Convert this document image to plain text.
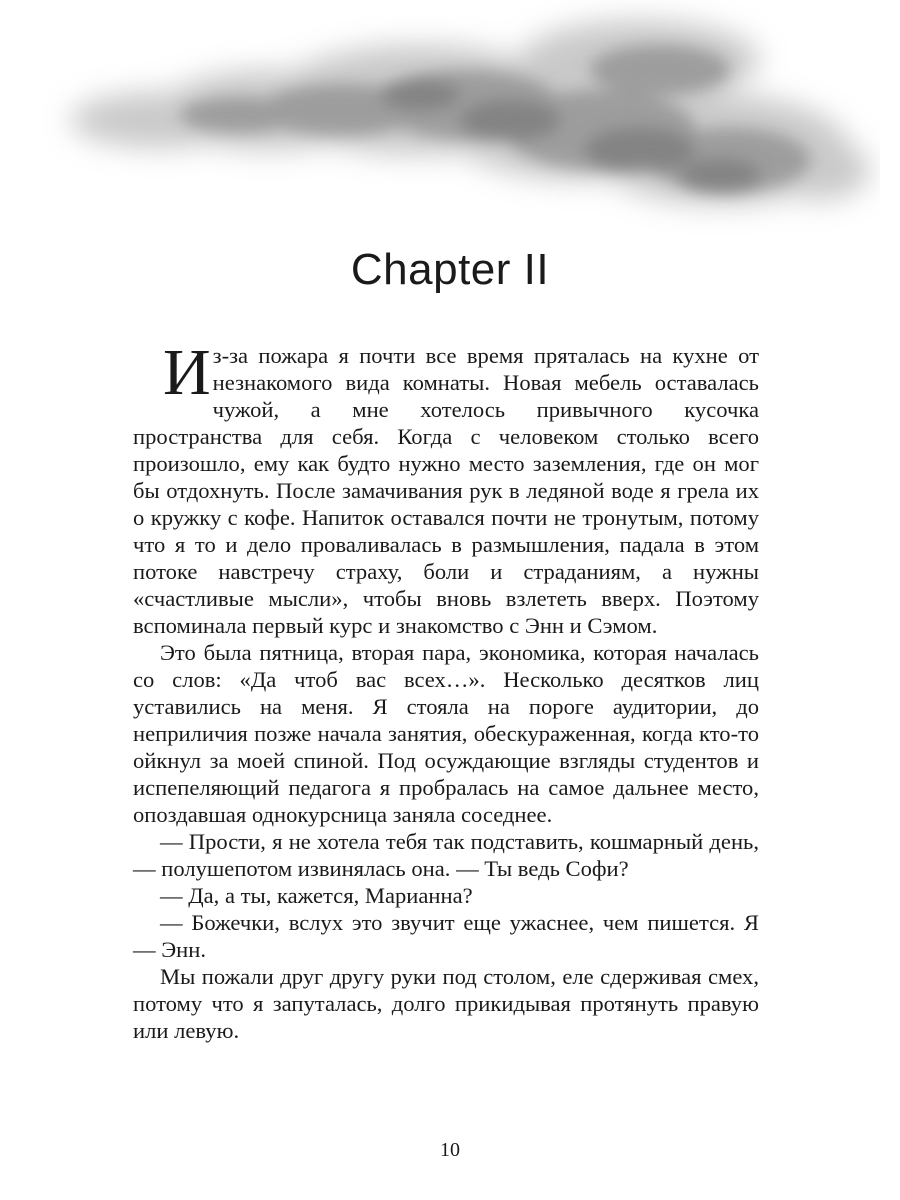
Chapter II

Из-за пожара я почти все время пряталась на кухне от незнакомого вида комнаты. Новая мебель оставалась чужой, а мне хотелось привычного кусочка пространства для себя. Когда с человеком столько всего произошло, ему как будто нужно место заземления, где он мог бы отдохнуть. После замачивания рук в ледяной воде я грела их о кружку с кофе. Напиток оставался почти не тронутым, потому что я то и дело проваливалась в размышления, падала в этом потоке навстречу страху, боли и страданиям, а нужны «счастливые мысли», чтобы вновь взлететь вверх. Поэтому вспоминала первый курс и знакомство с Энн и Сэмом.

Это была пятница, вторая пара, экономика, которая началась со слов: «Да чтоб вас всех…». Несколько десятков лиц уставились на меня. Я стояла на пороге аудитории, до неприличия позже начала занятия, обескураженная, когда кто-то ойкнул за моей спиной. Под осуждающие взгляды студентов и испепеляющий педагога я пробралась на самое дальнее место, опоздавшая однокурсница заняла соседнее.

— Прости, я не хотела тебя так подставить, кошмарный день, — полушепотом извинялась она. — Ты ведь Софи?

— Да, а ты, кажется, Марианна?

— Божечки, вслух это звучит еще ужаснее, чем пишется. Я — Энн.

Мы пожали друг другу руки под столом, еле сдерживая смех, потому что я запуталась, долго прикидывая протянуть правую или левую.

10
